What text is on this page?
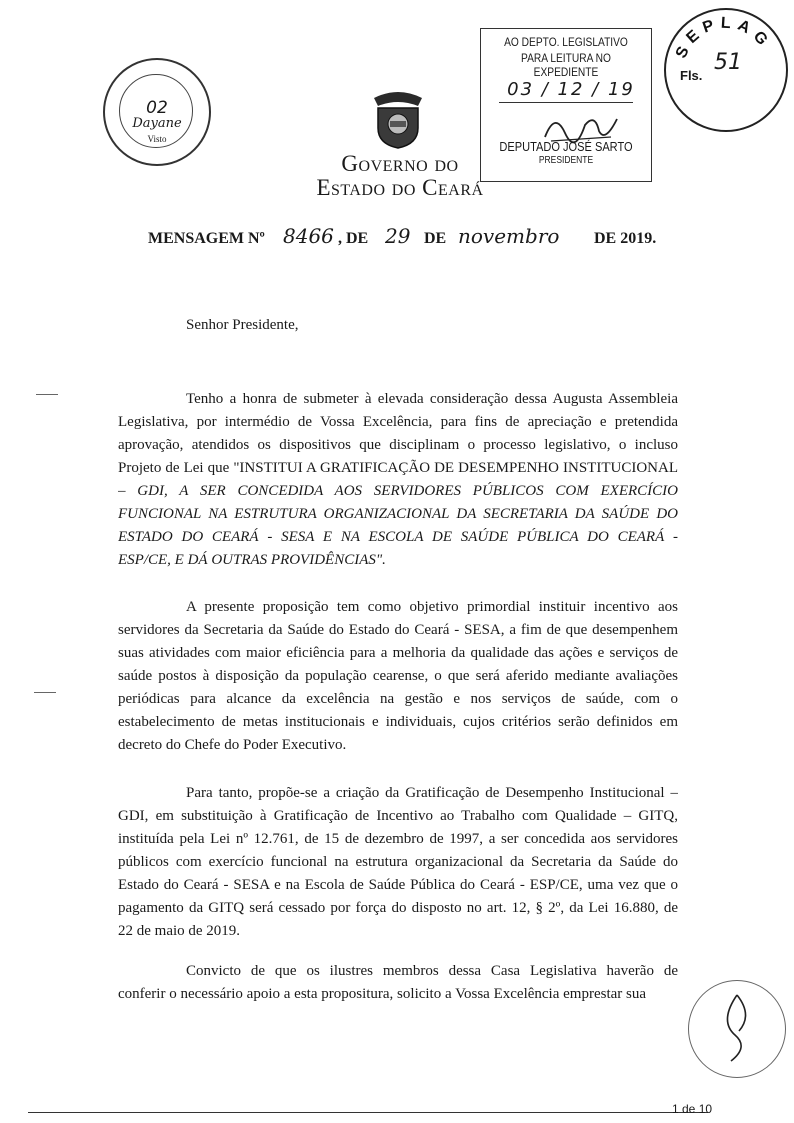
02
Dayane
Visto
AO DEPTO. LEGISLATIVO
PARA LEITURA NO EXPEDIENTE
03 / 12 / 19
DEPUTADO JOSÉ SARTO
PRESIDENTE
SEPLAG
Fls.
51
Governo do
Estado do Ceará
MENSAGEM Nº 8466 , DE 29 DE novembro DE 2019.
Senhor Presidente,
Tenho a honra de submeter à elevada consideração dessa Augusta Assembleia
Legislativa, por intermédio de Vossa Excelência, para fins de apreciação e pretendida
aprovação, atendidos os dispositivos que disciplinam o processo legislativo, o incluso
Projeto de Lei que "INSTITUI A GRATIFICAÇÃO DE DESEMPENHO INSTITUCIONAL
– GDI, A SER CONCEDIDA AOS SERVIDORES PÚBLICOS COM EXERCÍCIO
FUNCIONAL NA ESTRUTURA ORGANIZACIONAL DA SECRETARIA DA SAÚDE DO
ESTADO DO CEARÁ - SESA E NA ESCOLA DE SAÚDE PÚBLICA DO CEARÁ -
ESP/CE, E DÁ OUTRAS PROVIDÊNCIAS".
A presente proposição tem como objetivo primordial instituir incentivo aos
servidores da Secretaria da Saúde do Estado do Ceará - SESA, a fim de que desempenhem
suas atividades com maior eficiência para a melhoria da qualidade das ações e serviços de
saúde postos à disposição da população cearense, o que será aferido mediante avaliações
periódicas para alcance da excelência na gestão e nos serviços de saúde, com o
estabelecimento de metas institucionais e individuais, cujos critérios serão definidos em
decreto do Chefe do Poder Executivo.
Para tanto, propõe-se a criação da Gratificação de Desempenho Institucional –
GDI, em substituição à Gratificação de Incentivo ao Trabalho com Qualidade – GITQ,
instituída pela Lei nº 12.761, de 15 de dezembro de 1997, a ser concedida aos servidores
públicos com exercício funcional na estrutura organizacional da Secretaria da Saúde do
Estado do Ceará - SESA e na Escola de Saúde Pública do Ceará - ESP/CE, uma vez que o
pagamento da GITQ será cessado por força do disposto no art. 12, § 2º, da Lei 16.880, de
22 de maio de 2019.
Convicto de que os ilustres membros dessa Casa Legislativa haverão de
conferir o necessário apoio a esta propositura, solicito a Vossa Excelência emprestar sua
1 de 10
